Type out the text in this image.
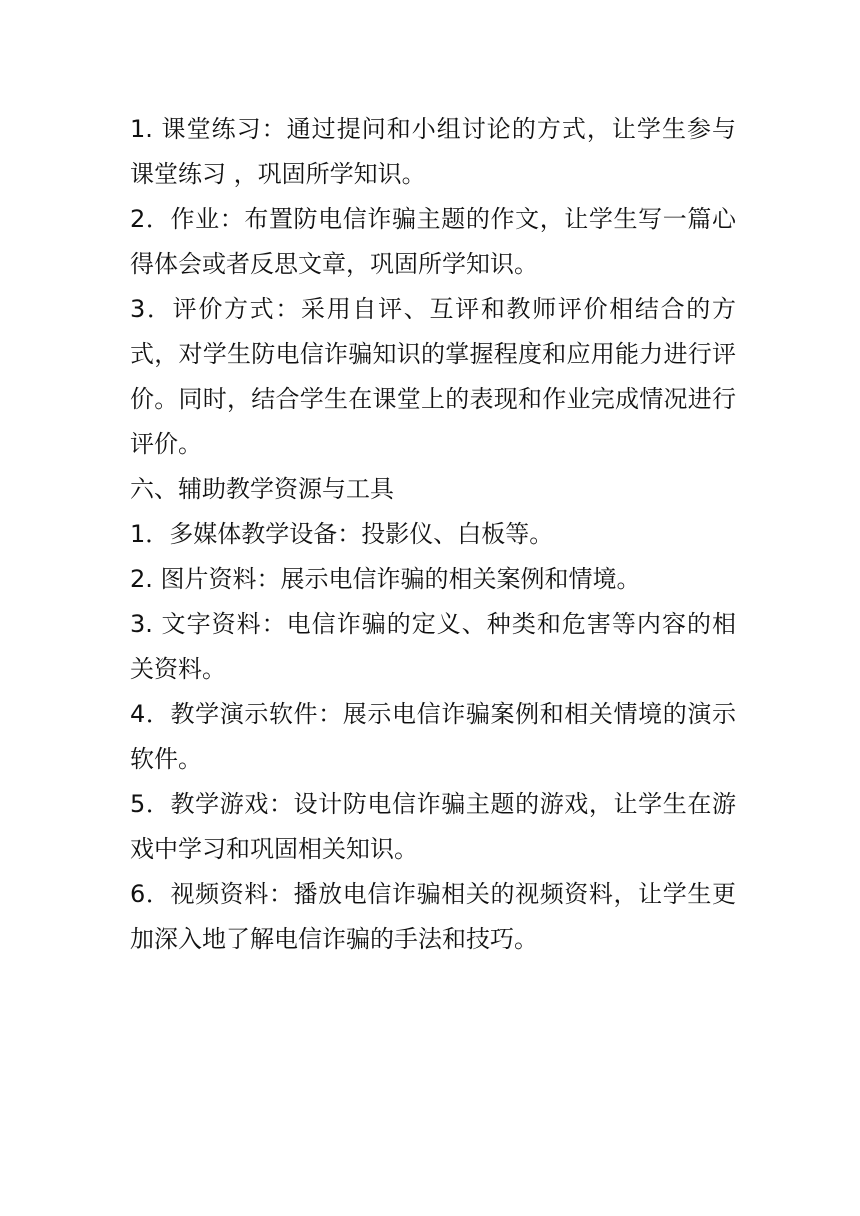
1. 课堂练习：通过提问和小组讨论的方式，让学生参与课堂练习 ，巩固所学知识。

2．作业：布置防电信诈骗主题的作文，让学生写一篇心得体会或者反思文章，巩固所学知识。

3．评价方式：采用自评、互评和教师评价相结合的方式，对学生防电信诈骗知识的掌握程度和应用能力进行评价。同时，结合学生在课堂上的表现和作业完成情况进行评价。

六、辅助教学资源与工具

1．多媒体教学设备：投影仪、白板等。

2. 图片资料：展示电信诈骗的相关案例和情境。

3. 文字资料：电信诈骗的定义、种类和危害等内容的相关资料。

4．教学演示软件：展示电信诈骗案例和相关情境的演示软件。

5．教学游戏：设计防电信诈骗主题的游戏，让学生在游戏中学习和巩固相关知识。

6．视频资料：播放电信诈骗相关的视频资料，让学生更加深入地了解电信诈骗的手法和技巧。
